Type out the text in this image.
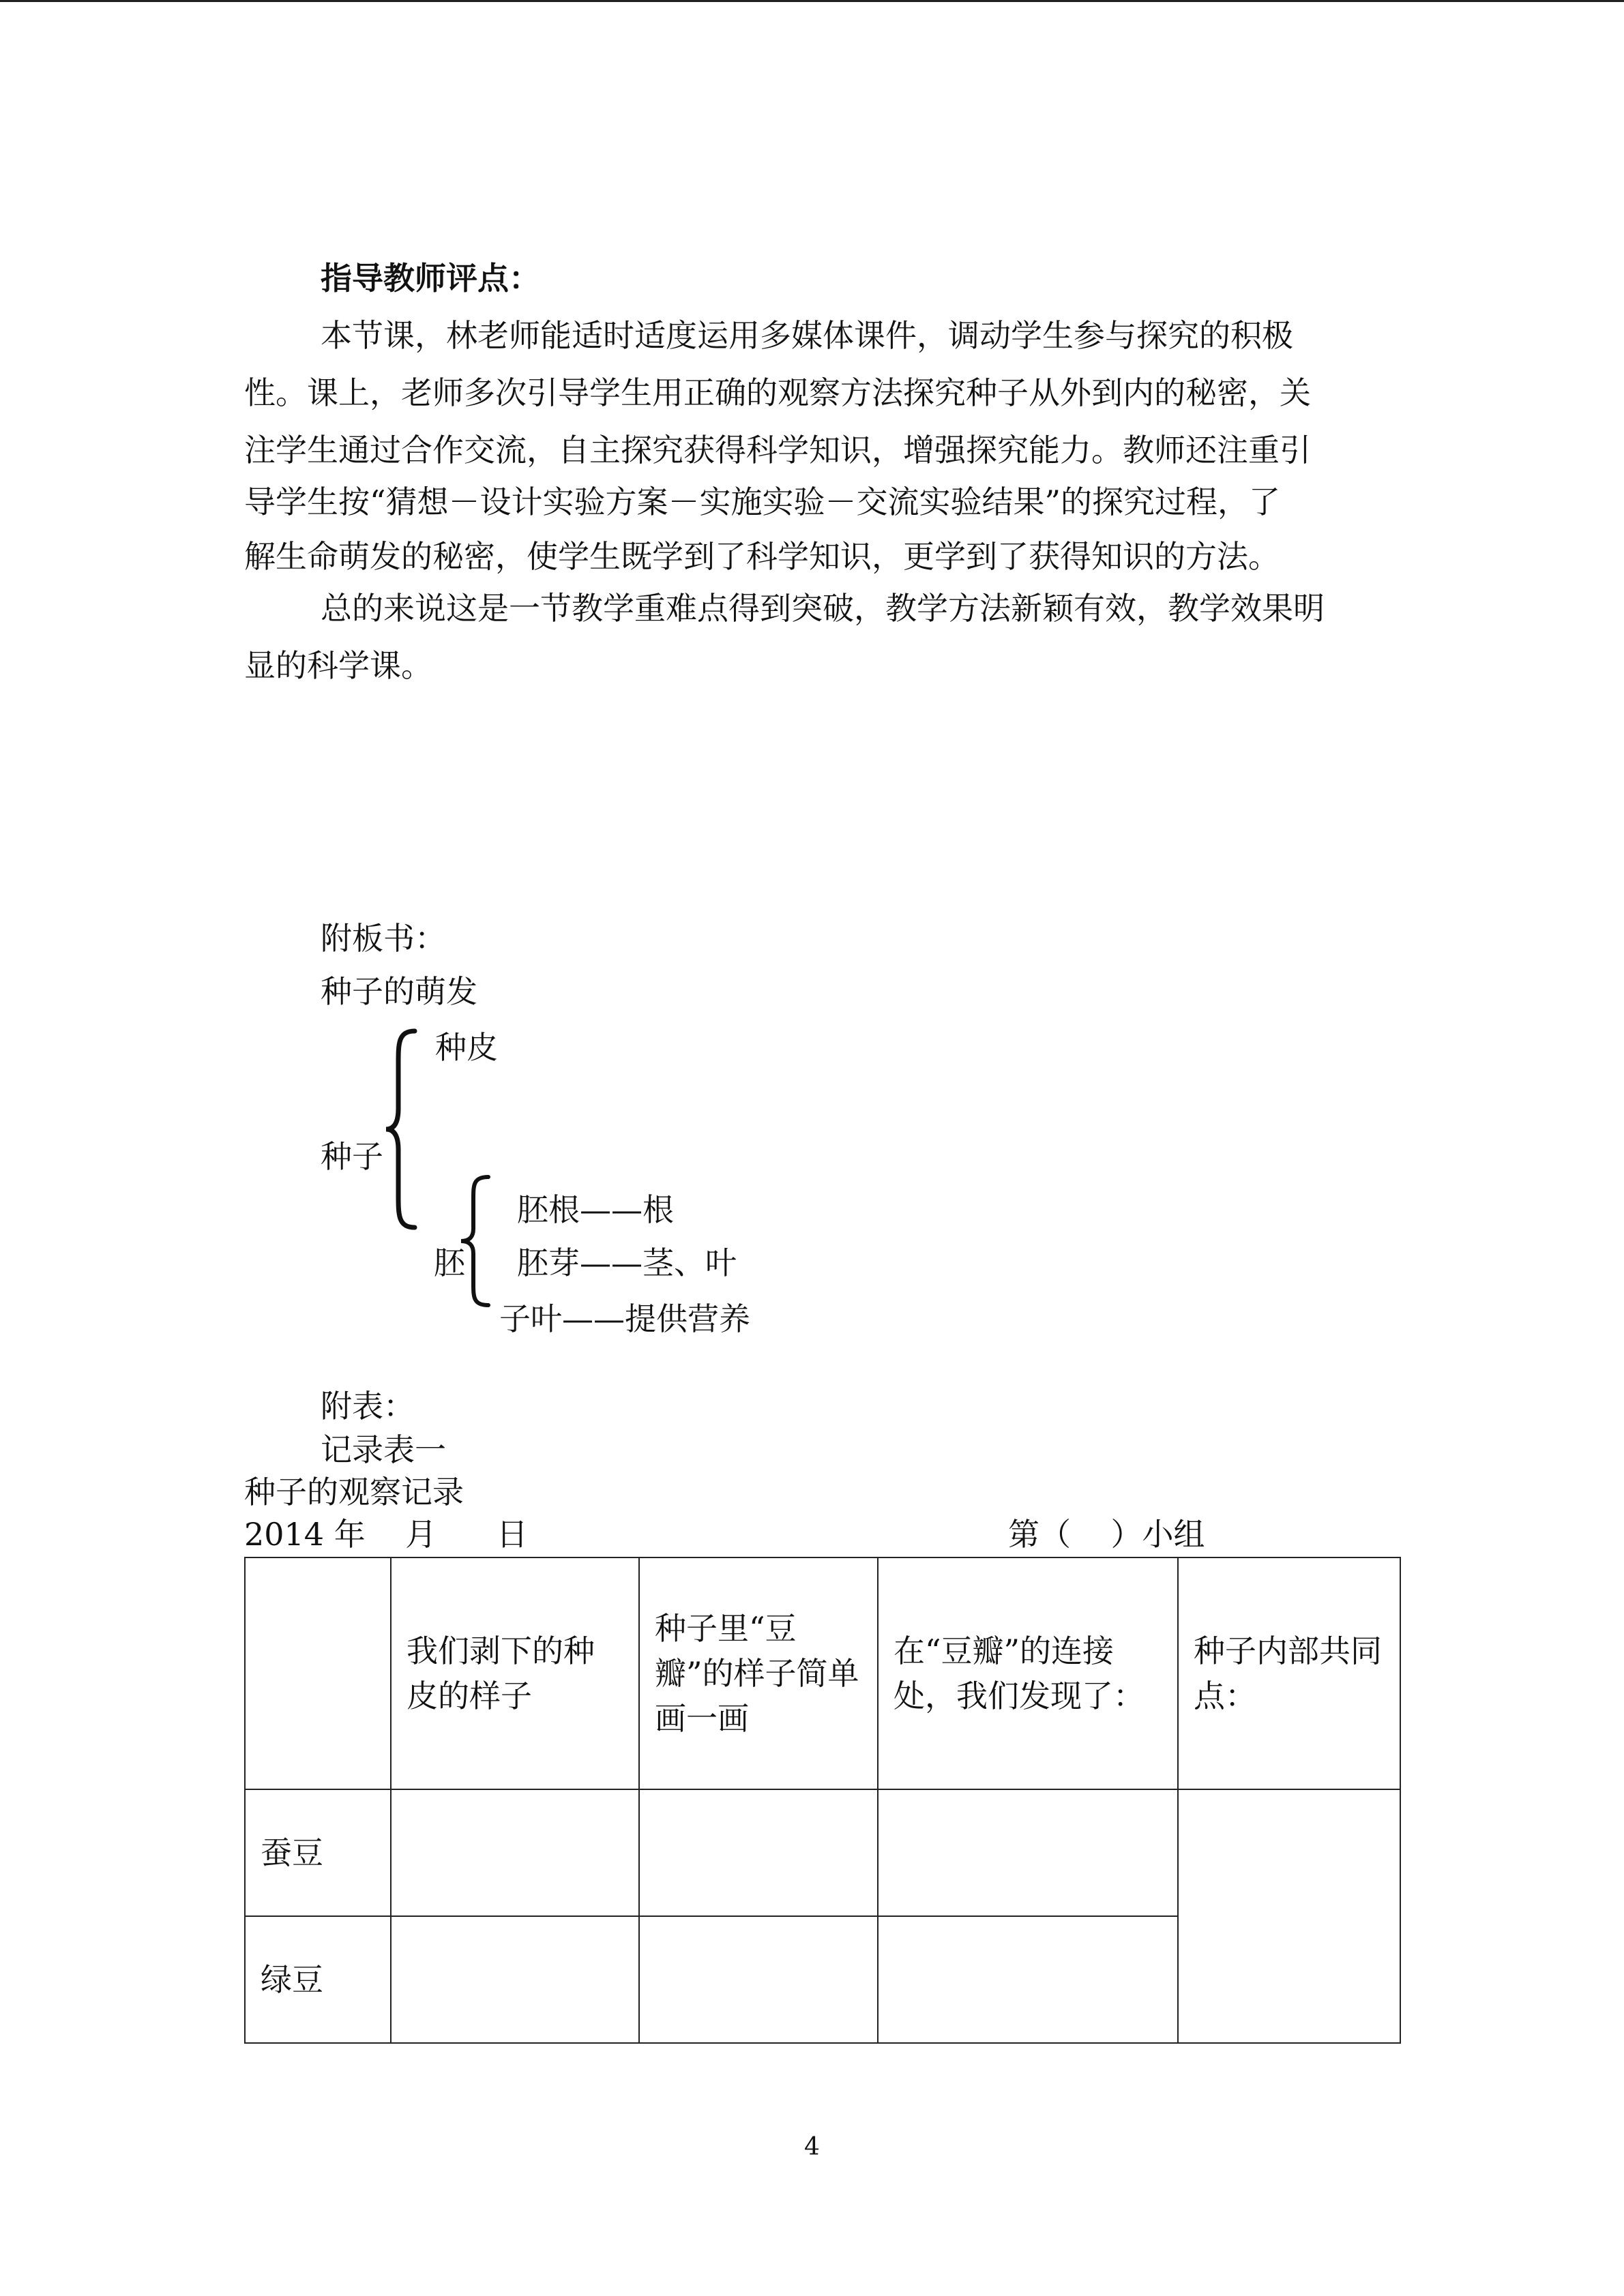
指导教师评点：
本节课，林老师能适时适度运用多媒体课件，调动学生参与探究的积极
性。课上，老师多次引导学生用正确的观察方法探究种子从外到内的秘密，关
注学生通过合作交流，自主探究获得科学知识，增强探究能力。教师还注重引
导学生按“猜想－设计实验方案－实施实验－交流实验结果”的探究过程，了
解生命萌发的秘密，使学生既学到了科学知识，更学到了获得知识的方法。
总的来说这是一节教学重难点得到突破，教学方法新颖有效，教学效果明
显的科学课。
附板书：
种子的萌发
种皮
种子
胚根——根
胚 胚芽——茎、叶
子叶——提供营养
附表：
记录表一
种子的观察记录
2014 年    月      日	第（    ）小组
	我们剥下的种皮的样子	种子里“豆瓣”的样子简单画一画	在“豆瓣”的连接处，我们发现了：	种子内部共同点：
蚕豆				
绿豆				
4
